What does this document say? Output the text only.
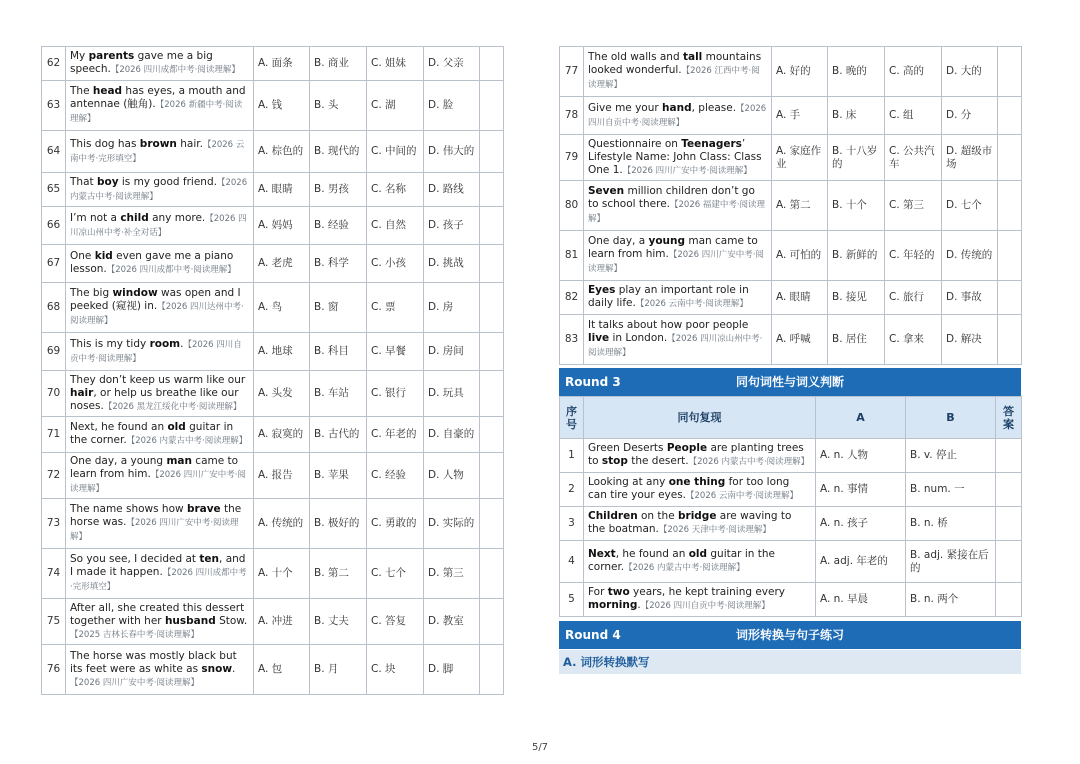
62	My parents gave me a big speech.【2026 四川成都中考·阅读理解】	A. 面条	B. 商业	C. 姐妹	D. 父亲	
63	The head has eyes, a mouth and antennae (触角).【2026 新疆中考·阅读理解】	A. 钱	B. 头	C. 湖	D. 脸	
64	This dog has brown hair.【2026 云南中考·完形填空】	A. 棕色的	B. 现代的	C. 中间的	D. 伟大的	
65	That boy is my good friend.【2026 内蒙古中考·阅读理解】	A. 眼睛	B. 男孩	C. 名称	D. 路线	
66	I’m not a child any more.【2026 四川凉山州中考·补全对话】	A. 妈妈	B. 经验	C. 自然	D. 孩子	
67	One kid even gave me a piano lesson.【2026 四川成都中考·阅读理解】	A. 老虎	B. 科学	C. 小孩	D. 挑战	
68	The big window was open and I peeked (窥视) in.【2026 四川达州中考·阅读理解】	A. 鸟	B. 窗	C. 票	D. 房	
69	This is my tidy room.【2026 四川自贡中考·阅读理解】	A. 地球	B. 科目	C. 早餐	D. 房间	
70	They don’t keep us warm like our hair, or help us breathe like our noses.【2026 黑龙江绥化中考·阅读理解】	A. 头发	B. 车站	C. 银行	D. 玩具	
71	Next, he found an old guitar in the corner.【2026 内蒙古中考·阅读理解】	A. 寂寞的	B. 古代的	C. 年老的	D. 自豪的	
72	One day, a young man came to learn from him.【2026 四川广安中考·阅读理解】	A. 报告	B. 苹果	C. 经验	D. 人物	
73	The name shows how brave the horse was.【2026 四川广安中考·阅读理解】	A. 传统的	B. 极好的	C. 勇敢的	D. 实际的	
74	So you see, I decided at ten, and I made it happen.【2026 四川成都中考·完形填空】	A. 十个	B. 第二	C. 七个	D. 第三	
75	After all, she created this dessert together with her husband Stow.【2025 吉林长春中考·阅读理解】	A. 冲进	B. 丈夫	C. 答复	D. 教室	
76	The horse was mostly black but its feet were as white as snow.【2026 四川广安中考·阅读理解】	A. 包	B. 月	C. 块	D. 脚	
77	The old walls and tall mountains looked wonderful.【2026 江西中考·阅读理解】	A. 好的	B. 晚的	C. 高的	D. 大的	
78	Give me your hand, please.【2026 四川自贡中考·阅读理解】	A. 手	B. 床	C. 组	D. 分	
79	Questionnaire on Teenagers’ Lifestyle Name: John Class: Class One 1.【2026 四川广安中考·阅读理解】	A. 家庭作业	B. 十八岁的	C. 公共汽车	D. 超级市场	
80	Seven million children don’t go to school there.【2026 福建中考·阅读理解】	A. 第二	B. 十个	C. 第三	D. 七个	
81	One day, a young man came to learn from him.【2026 四川广安中考·阅读理解】	A. 可怕的	B. 新鲜的	C. 年轻的	D. 传统的	
82	Eyes play an important role in daily life.【2026 云南中考·阅读理解】	A. 眼睛	B. 接见	C. 旅行	D. 事故	
83	It talks about how poor people live in London.【2026 四川凉山州中考·阅读理解】	A. 呼喊	B. 居住	C. 拿来	D. 解决	
同句词性与词义判断
Round 3
序号	同句复现	A	B	答案
1	Green Deserts People are planting trees to stop the desert.【2026 内蒙古中考·阅读理解】	A. n. 人物	B. v. 停止	
2	Looking at any one thing for too long can tire your eyes.【2026 云南中考·阅读理解】	A. n. 事情	B. num. 一	
3	Children on the bridge are waving to the boatman.【2026 天津中考·阅读理解】	A. n. 孩子	B. n. 桥	
4	Next, he found an old guitar in the corner.【2026 内蒙古中考·阅读理解】	A. adj. 年老的	B. adj. 紧接在后的	
5	For two years, he kept training every morning.【2026 四川自贡中考·阅读理解】	A. n. 早晨	B. n. 两个	
词形转换与句子练习
Round 4
A. 词形转换默写
5/7
